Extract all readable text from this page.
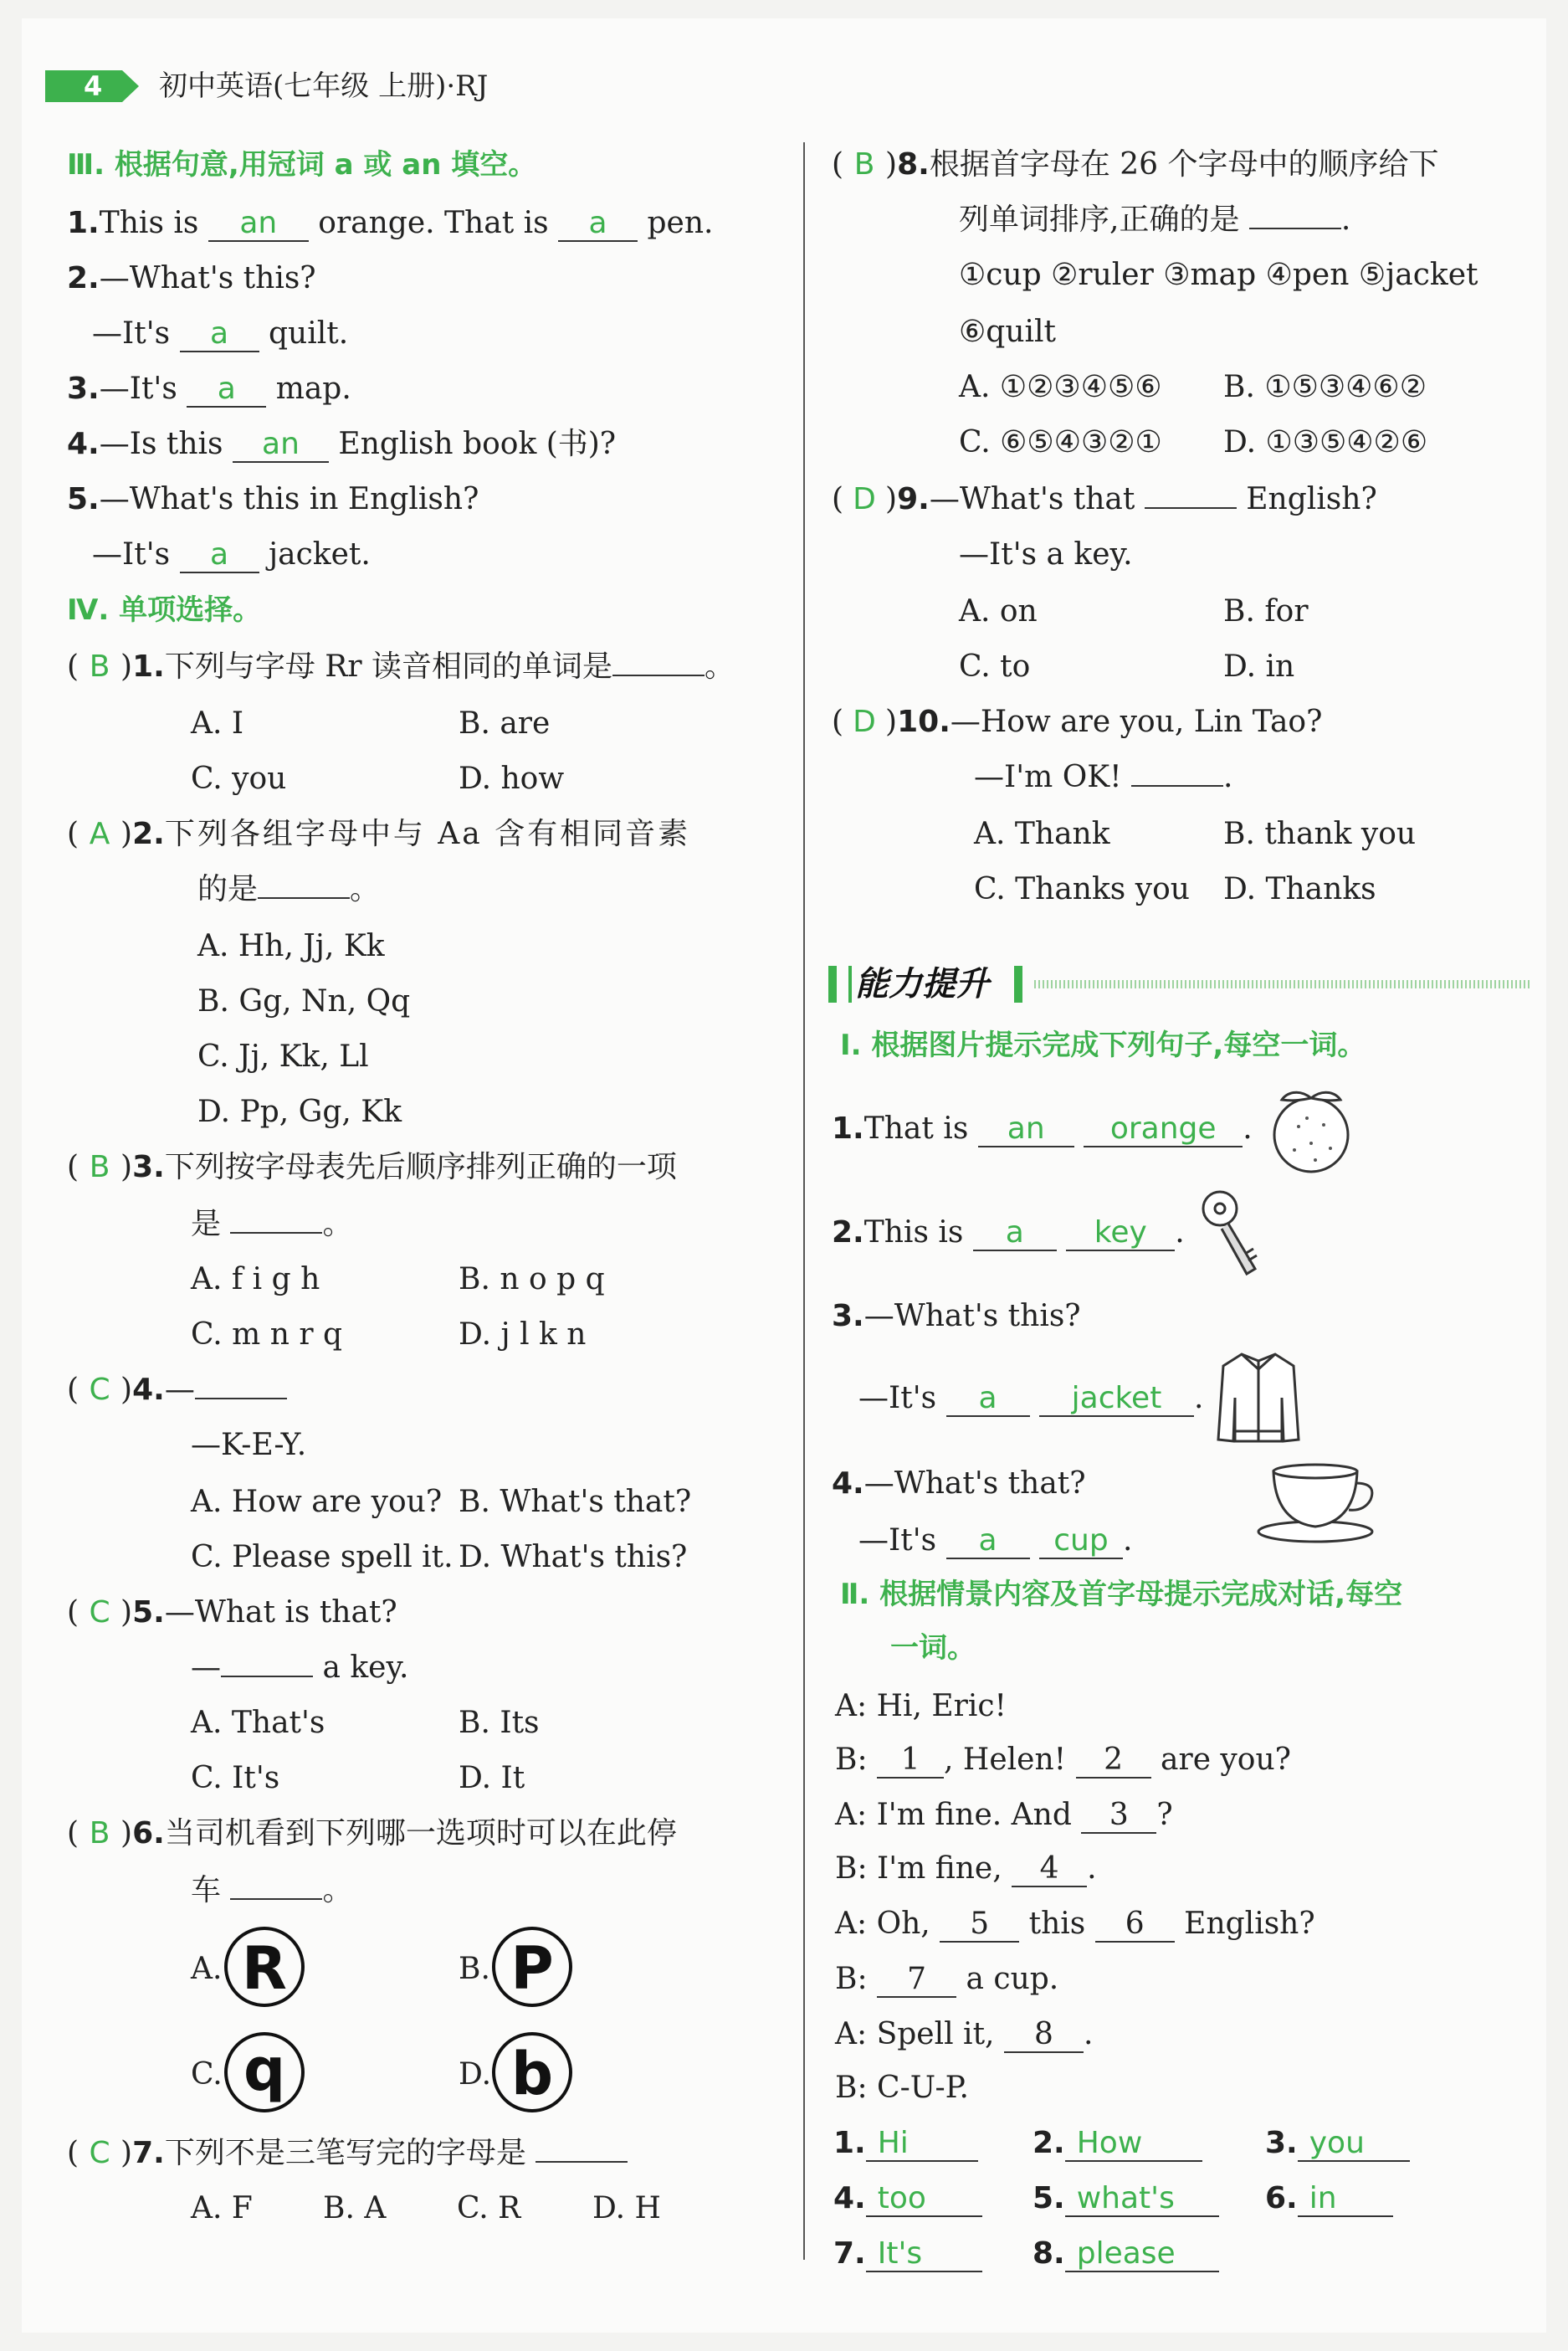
4 初中英语(七年级 上册)·RJ
Ⅲ. 根据句意,用冠词 a 或 an 填空。
1.This is an orange. That is a pen.
2.—What's this?
—It's a quilt.
3.—It's a map.
4.—Is this an English book (书)?
5.—What's this in English?
—It's a jacket.
Ⅳ. 单项选择。
( B )1.下列与字母 Rr 读音相同的单词是	。
A. I	B. are
C. you	D. how
( A )2.下列各组字母中与 Aa 含有相同音素
的是	。
A. Hh, Jj, Kk
B. Gg, Nn, Qq
C. Jj, Kk, Ll
D. Pp, Gg, Kk
( B )3.下列按字母表先后顺序排列正确的一项
是	。
A. f i g h	B. n o p q
C. m n r q	D. j l k n
( C )4.—
—K-E-Y.
A. How are you? B. What's that?
C. Please spell it. D. What's this?
( C )5.—What is that?
—	a key.
A. That's	B. Its
C. It's	D. It
( B )6.当司机看到下列哪一选项时可以在此停
车	。
A. R	B. P
C. q	D. b
( C )7.下列不是三笔写完的字母是
A. F B. A C. R D. H
( B )8.根据首字母在 26 个字母中的顺序给下
列单词排序,正确的是	.
①cup ②ruler ③map ④pen ⑤jacket
⑥quilt
A. ①②③④⑤⑥ B. ①⑤③④⑥②
C. ⑥⑤④③②① D. ①③⑤④②⑥
( D )9.—What's that	English?
—It's a key.
A. on	B. for
C. to	D. in
( D )10.—How are you, Lin Tao?
—I'm OK!	.
A. Thank	B. thank you
C. Thanks you D. Thanks
能力提升
Ⅰ. 根据图片提示完成下列句子,每空一词。
1.That is an orange .
2.This is a key .
3.—What's this?
—It's a jacket .
4.—What's that?
—It's a cup .
Ⅱ. 根据情景内容及首字母提示完成对话,每空
一词。
A: Hi, Eric!
B: 1 , Helen! 2 are you?
A: I'm fine. And 3 ?
B: I'm fine, 4 .
A: Oh, 5 this 6 English?
B: 7 a cup.
A: Spell it, 8 .
B: C-U-P.
1. Hi	2. How	3. you
4. too	5. what's	6. in
7. It's	8. please
